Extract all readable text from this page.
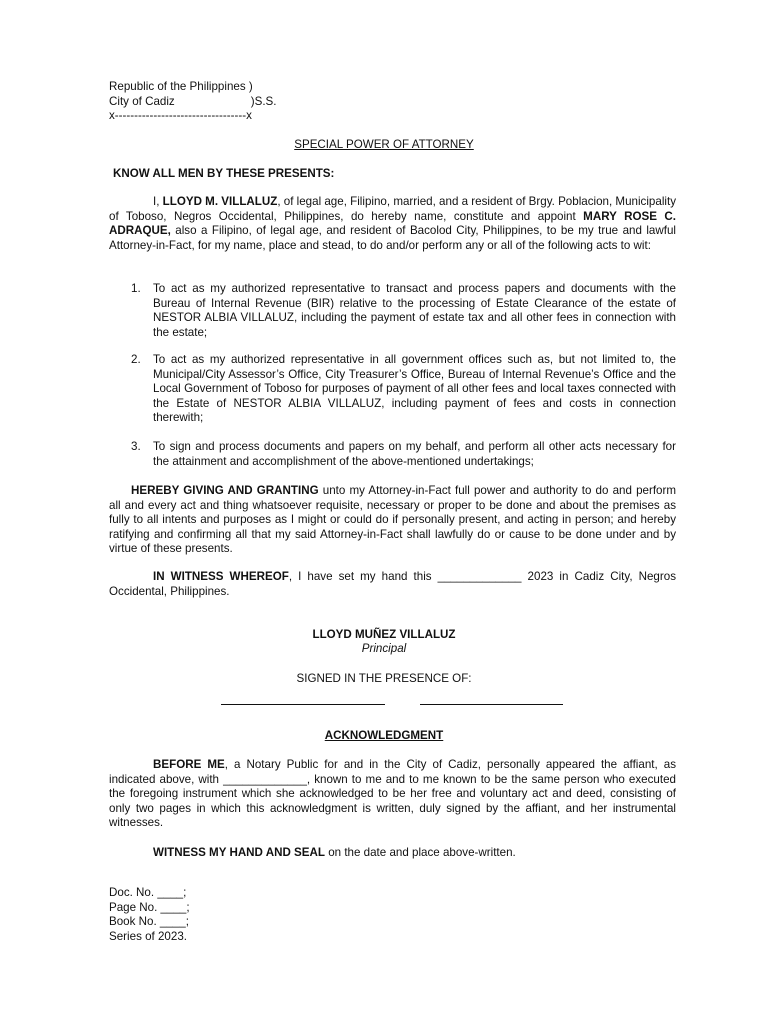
Republic of the Philippines )
City of Cadiz	)S.S.
x----------------------------------x
SPECIAL POWER OF ATTORNEY
KNOW ALL MEN BY THESE PRESENTS:

I, LLOYD M. VILLALUZ, of legal age, Filipino, married, and a resident of Brgy. Poblacion, Municipality of Toboso, Negros Occidental, Philippines, do hereby name, constitute and appoint MARY ROSE C. ADRAQUE, also a Filipino, of legal age, and resident of Bacolod City, Philippines, to be my true and lawful Attorney-in-Fact, for my name, place and stead, to do and/or perform any or all of the following acts to wit:

1. To act as my authorized representative to transact and process papers and documents with the Bureau of Internal Revenue (BIR) relative to the processing of Estate Clearance of the estate of NESTOR ALBIA VILLALUZ, including the payment of estate tax and all other fees in connection with the estate;
2. To act as my authorized representative in all government offices such as, but not limited to, the Municipal/City Assessor’s Office, City Treasurer’s Office, Bureau of Internal Revenue’s Office and the Local Government of Toboso for purposes of payment of all other fees and local taxes connected with the Estate of NESTOR ALBIA VILLALUZ, including payment of fees and costs in connection therewith;
3. To sign and process documents and papers on my behalf, and perform all other acts necessary for the attainment and accomplishment of the above-mentioned undertakings;

HEREBY GIVING AND GRANTING unto my Attorney-in-Fact full power and authority to do and perform all and every act and thing whatsoever requisite, necessary or proper to be done and about the premises as fully to all intents and purposes as I might or could do if personally present, and acting in person; and hereby ratifying and confirming all that my said Attorney-in-Fact shall lawfully do or cause to be done under and by virtue of these presents.

IN WITNESS WHEREOF, I have set my hand this _____________ 2023 in Cadiz City, Negros Occidental, Philippines.

LLOYD MUÑEZ VILLALUZ
Principal
SIGNED IN THE PRESENCE OF:
ACKNOWLEDGMENT

BEFORE ME, a Notary Public for and in the City of Cadiz, personally appeared the affiant, as indicated above, with _____________, known to me and to me known to be the same person who executed the foregoing instrument which she acknowledged to be her free and voluntary act and deed, consisting of only two pages in which this acknowledgment is written, duly signed by the affiant, and her instrumental witnesses.

WITNESS MY HAND AND SEAL on the date and place above-written.

Doc. No. ____;
Page No. ____;
Book No. ____;
Series of 2023.
